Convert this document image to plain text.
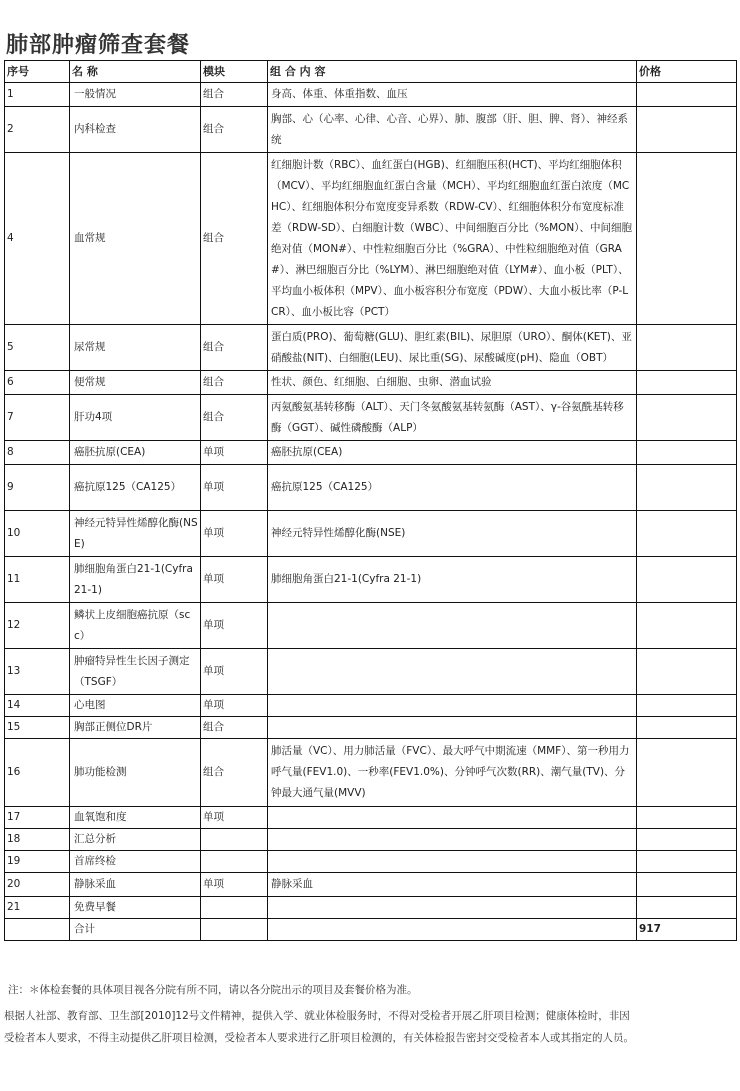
肺部肿瘤筛查套餐
序号	名 称	模块	组 合 内 容	价格
1	一般情况	组合	身高、体重、体重指数、血压	
2	内科检查	组合	胸部、心（心率、心律、心音、心界）、肺、腹部（肝、胆、脾、肾）、神经系统	
4	血常规	组合	红细胞计数（RBC）、血红蛋白(HGB)、红细胞压积(HCT)、平均红细胞体积（MCV）、平均红细胞血红蛋白含量（MCH）、平均红细胞血红蛋白浓度（MCHC）、红细胞体积分布宽度变异系数（RDW-CV）、红细胞体积分布宽度标准差（RDW-SD）、白细胞计数（WBC）、中间细胞百分比（%MON）、中间细胞绝对值（MON#）、中性粒细胞百分比（%GRA）、中性粒细胞绝对值（GRA#）、淋巴细胞百分比（%LYM）、淋巴细胞绝对值（LYM#）、血小板（PLT）、平均血小板体积（MPV）、血小板容积分布宽度（PDW）、大血小板比率（P-LCR）、血小板比容（PCT）	
5	尿常规	组合	蛋白质(PRO)、葡萄糖(GLU)、胆红素(BIL)、尿胆原（URO）、酮体(KET)、亚硝酸盐(NIT)、白细胞(LEU)、尿比重(SG)、尿酸碱度(pH)、隐血（OBT）	
6	便常规	组合	性状、颜色、红细胞、白细胞、虫卵、潜血试验	
7	肝功4项	组合	丙氨酸氨基转移酶（ALT）、天门冬氨酸氨基转氨酶（AST）、γ-谷氨酰基转移酶（GGT）、碱性磷酸酶（ALP）	
8	癌胚抗原(CEA)	单项	癌胚抗原(CEA)	
9	癌抗原125（CA125）	单项	癌抗原125（CA125）	
10	神经元特异性烯醇化酶(NSE)	单项	神经元特异性烯醇化酶(NSE)	
11	肺细胞角蛋白21-1(Cyfra 21-1)	单项	肺细胞角蛋白21-1(Cyfra 21-1)	
12	鳞状上皮细胞癌抗原（scc）	单项		
13	肿瘤特异性生长因子测定（TSGF）	单项		
14	心电图	单项		
15	胸部正侧位DR片	组合		
16	肺功能检测	组合	肺活量（VC）、用力肺活量（FVC）、最大呼气中期流速（MMF）、第一秒用力呼气量(FEV1.0)、一秒率(FEV1.0%)、分钟呼气次数(RR)、潮气量(TV)、分钟最大通气量(MVV)	
17	血氧饱和度	单项		
18	汇总分析			
19	首席终检			
20	静脉采血	单项	静脉采血	
21	免费早餐			
	合计			917
注：＊体检套餐的具体项目视各分院有所不同，请以各分院出示的项目及套餐价格为准。
根据人社部、教育部、卫生部[2010]12号文件精神，提供入学、就业体检服务时，不得对受检者开展乙肝项目检测；健康体检时，非因受检者本人要求，不得主动提供乙肝项目检测，受检者本人要求进行乙肝项目检测的，有关体检报告密封交受检者本人或其指定的人员。
